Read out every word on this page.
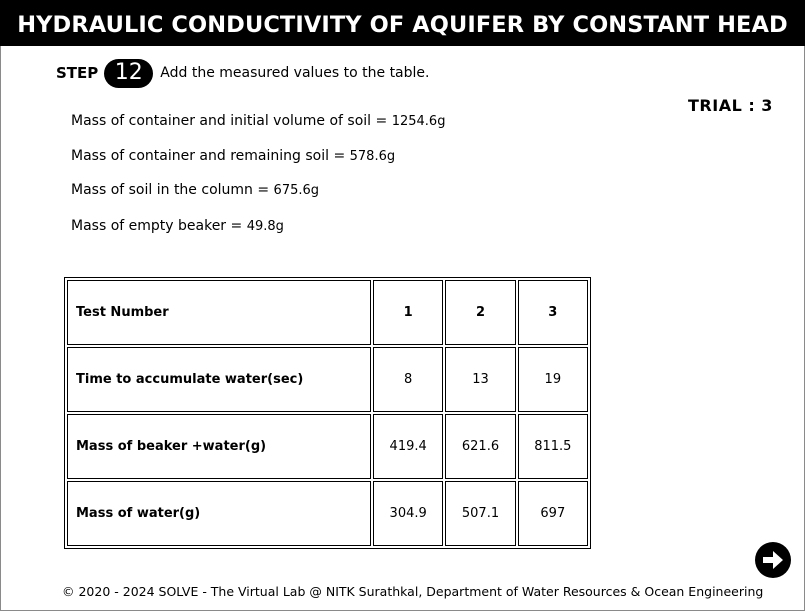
HYDRAULIC CONDUCTIVITY OF AQUIFER BY CONSTANT HEAD
STEP 12	Add the measured values to the table.
TRIAL : 3
Mass of container and initial volume of soil = 1254.6g
Mass of container and remaining soil = 578.6g
Mass of soil in the column = 675.6g
Mass of empty beaker = 49.8g
Test Number	1	2	3
Time to accumulate water(sec)	8	13	19
Mass of beaker +water(g)	419.4	621.6	811.5
Mass of water(g)	304.9	507.1	697
© 2020 - 2024 SOLVE - The Virtual Lab @ NITK Surathkal, Department of Water Resources & Ocean Engineering
